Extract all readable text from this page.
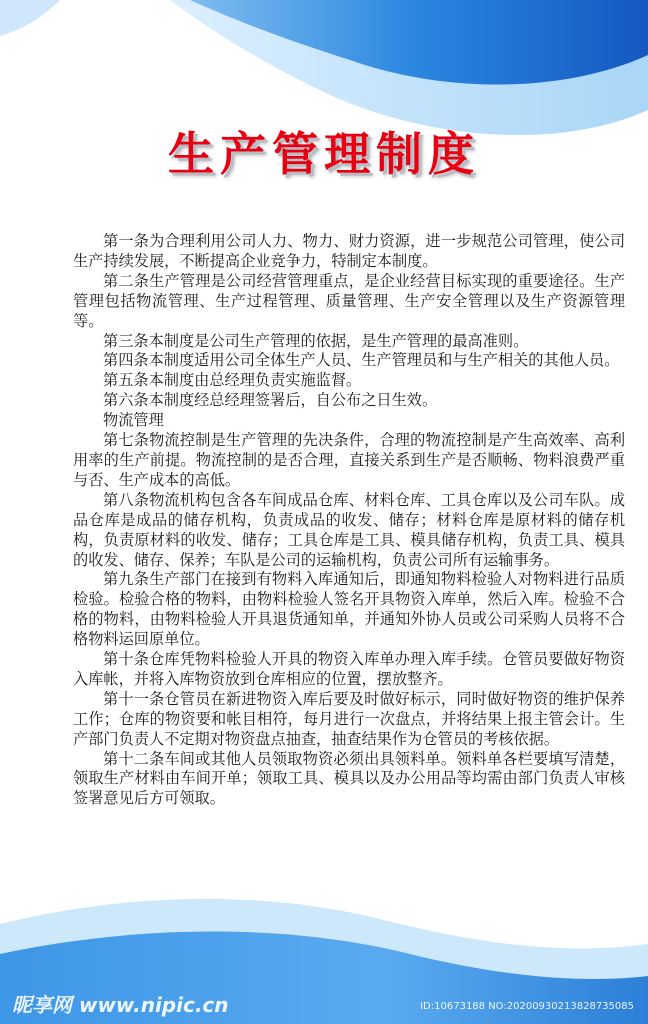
生产管理制度

第一条为合理利用公司人力、物力、财力资源，进一步规范公司管理，使公司生产持续发展，不断提高企业竞争力，特制定本制度。

第二条生产管理是公司经营管理重点，是企业经营目标实现的重要途径。生产管理包括物流管理、生产过程管理、质量管理、生产安全管理以及生产资源管理等。

第三条本制度是公司生产管理的依据，是生产管理的最高准则。

第四条本制度适用公司全体生产人员、生产管理员和与生产相关的其他人员。

第五条本制度由总经理负责实施监督。

第六条本制度经总经理签署后，自公布之日生效。

物流管理

第七条物流控制是生产管理的先决条件，合理的物流控制是产生高效率、高利用率的生产前提。物流控制的是否合理，直接关系到生产是否顺畅、物料浪费严重与否、生产成本的高低。

第八条物流机构包含各车间成品仓库、材料仓库、工具仓库以及公司车队。成品仓库是成品的储存机构，负责成品的收发、储存；材料仓库是原材料的储存机构，负责原材料的收发、储存；工具仓库是工具、模具储存机构，负责工具、模具的收发、储存、保养；车队是公司的运输机构，负责公司所有运输事务。

第九条生产部门在接到有物料入库通知后，即通知物料检验人对物料进行品质检验。检验合格的物料，由物料检验人签名开具物资入库单，然后入库。检验不合格的物料，由物料检验人开具退货通知单，并通知外协人员或公司采购人员将不合格物料运回原单位。

第十条仓库凭物料检验人开具的物资入库单办理入库手续。仓管员要做好物资入库帐，并将入库物资放到仓库相应的位置，摆放整齐。

第十一条仓管员在新进物资入库后要及时做好标示，同时做好物资的维护保养工作；仓库的物资要和帐目相符，每月进行一次盘点，并将结果上报主管会计。生产部门负责人不定期对物资盘点抽查，抽查结果作为仓管员的考核依据。

第十二条车间或其他人员领取物资必须出具领料单。领料单各栏要填写清楚，领取生产材料由车间开单；领取工具、模具以及办公用品等均需由部门负责人审核签署意见后方可领取。

昵享网 www.nipic.cn	ID:10673188 NO:20200930213828735085
